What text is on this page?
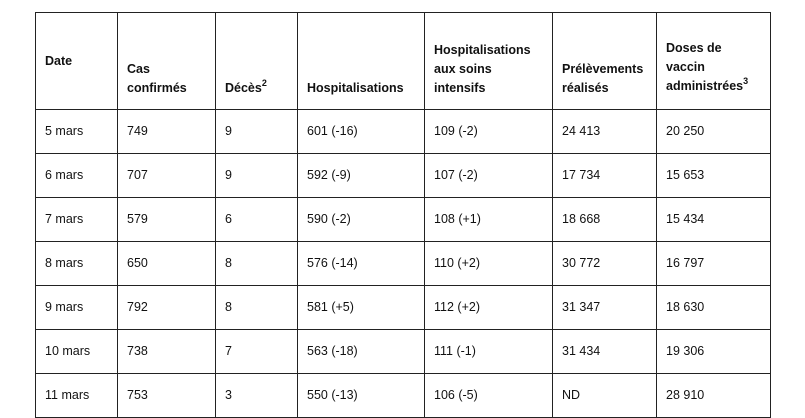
Date	Cas confirmés	Décès$^2$	Hospitalisations	Hospitalisations aux soins intensifs	Prélèvements réalisés	Doses de vaccin administrées$^3$
5 mars	749	9	601 (-16)	109 (-2)	24 413	20 250
6 mars	707	9	592 (-9)	107 (-2)	17 734	15 653
7 mars	579	6	590 (-2)	108 (+1)	18 668	15 434
8 mars	650	8	576 (-14)	110 (+2)	30 772	16 797
9 mars	792	8	581 (+5)	112 (+2)	31 347	18 630
10 mars	738	7	563 (-18)	111 (-1)	31 434	19 306
11 mars	753	3	550 (-13)	106 (-5)	ND	28 910
